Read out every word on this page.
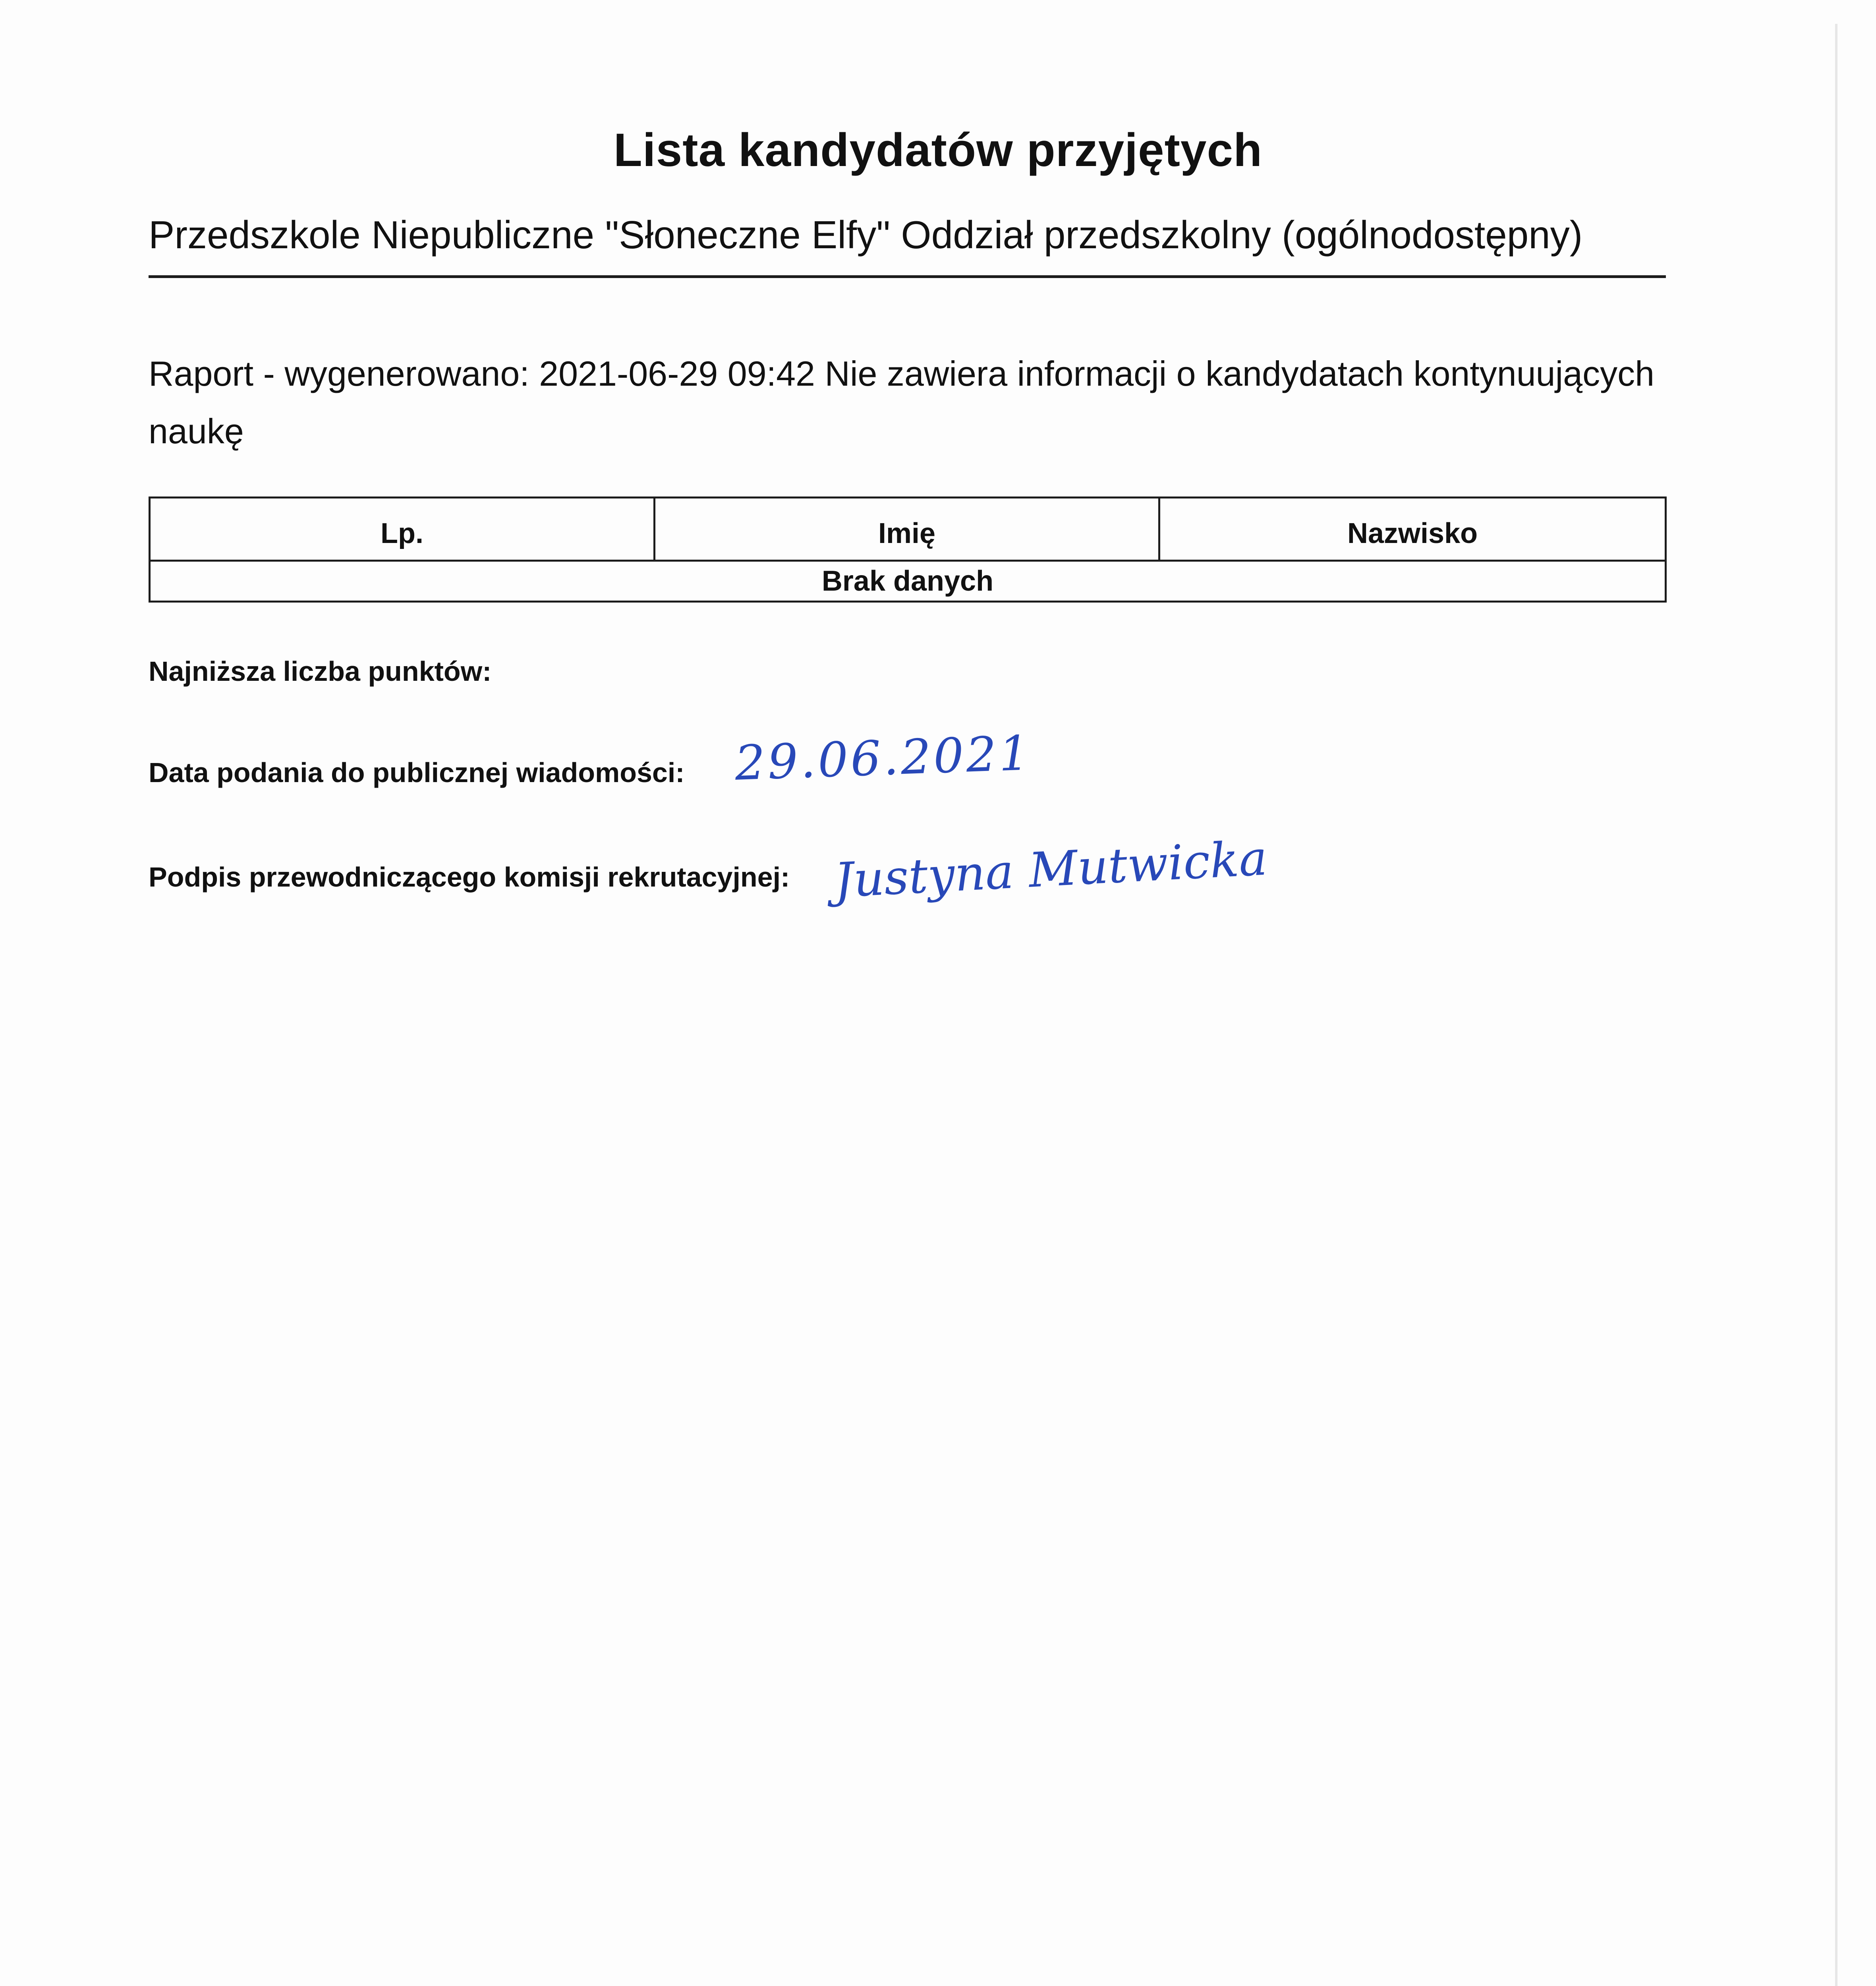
Lista kandydatów przyjętych
Przedszkole Niepubliczne "Słoneczne Elfy" Oddział przedszkolny (ogólnodostępny)
Raport - wygenerowano: 2021-06-29 09:42 Nie zawiera informacji o kandydatach kontynuujących naukę
Lp.	Imię	Nazwisko
Brak danych
Najniższa liczba punktów:
Data podania do publicznej wiadomości: 29.06.2021
Podpis przewodniczącego komisji rekrutacyjnej: Justyna Mutwicka
